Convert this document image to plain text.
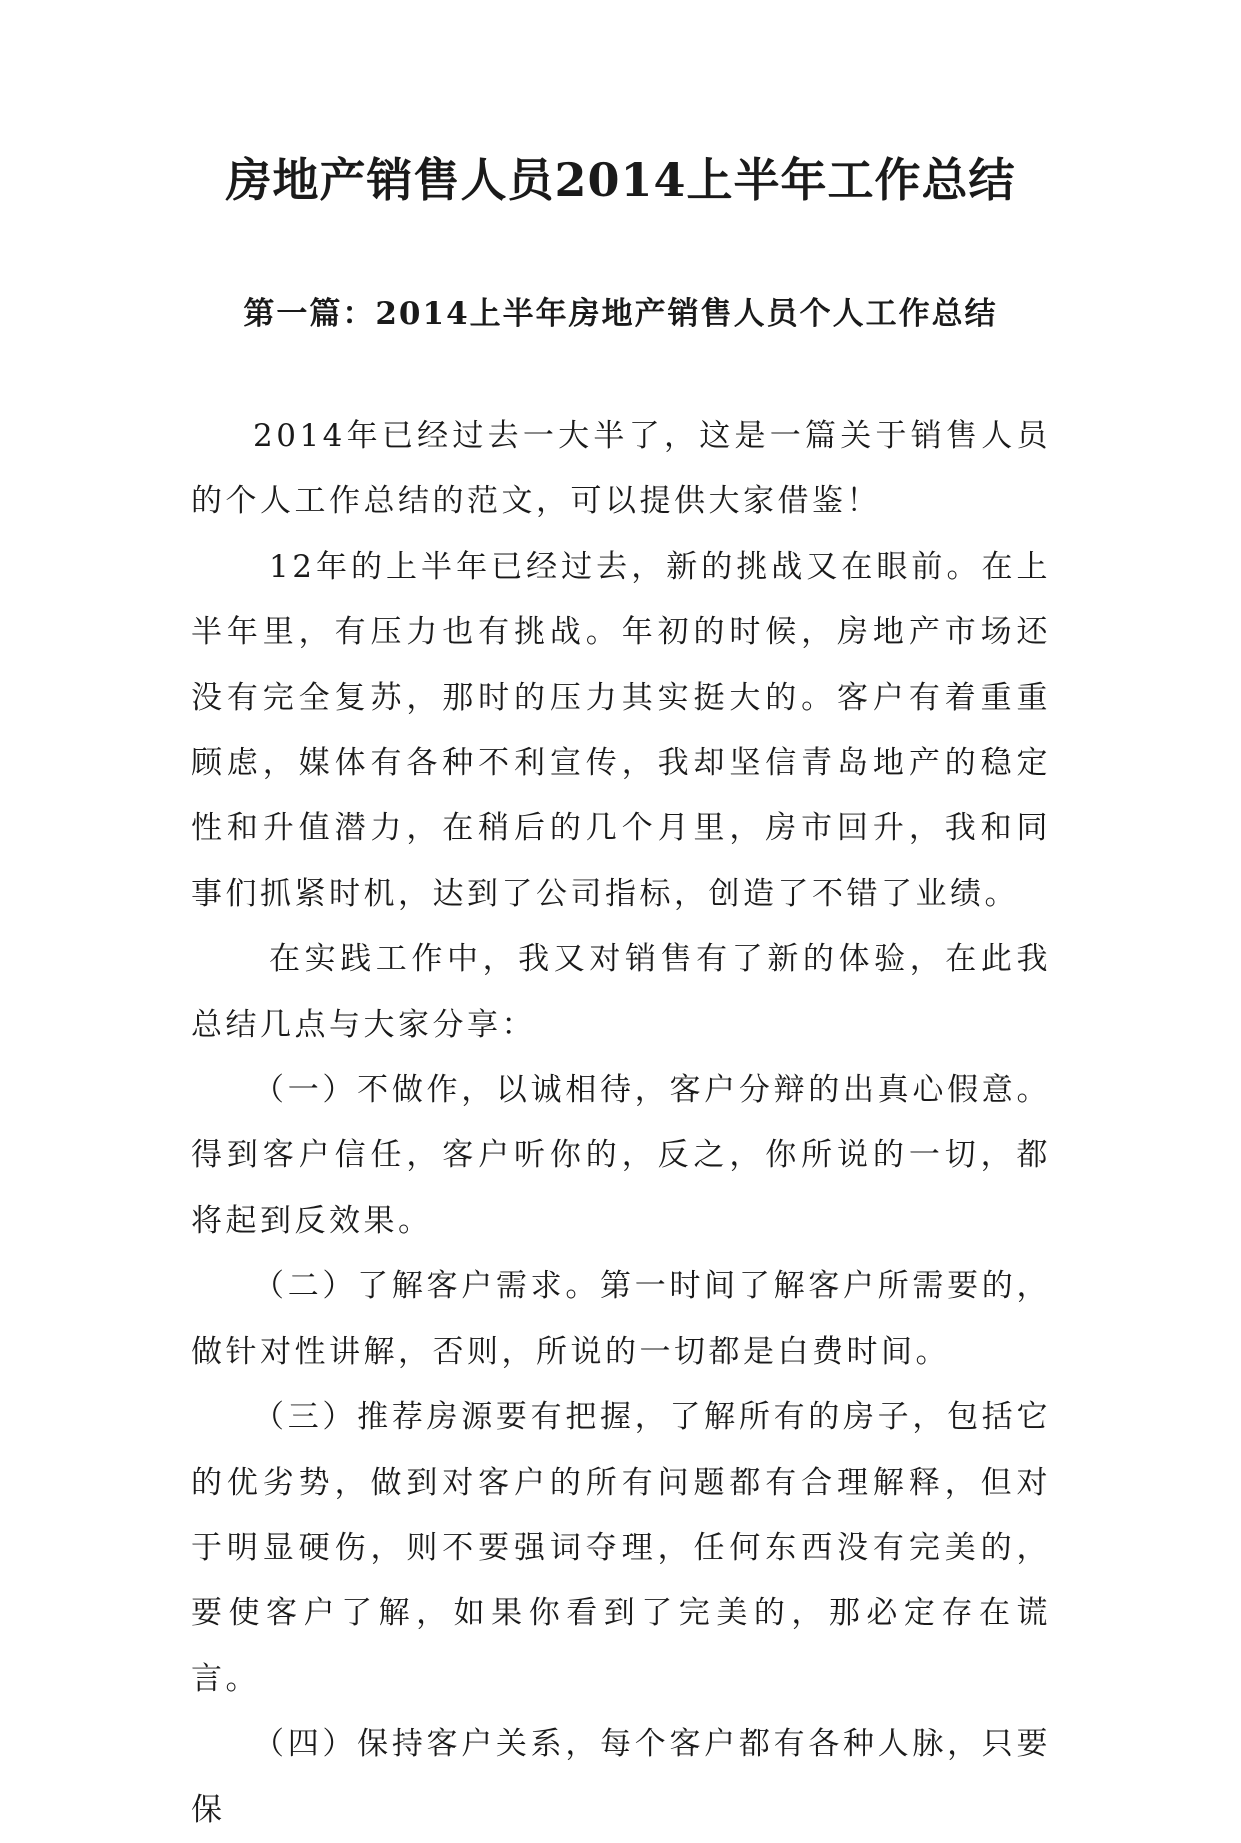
房地产销售人员2014上半年工作总结
第一篇：2014上半年房地产销售人员个人工作总结

2014年已经过去一大半了，这是一篇关于销售人员的个人工作总结的范文，可以提供大家借鉴！

12年的上半年已经过去，新的挑战又在眼前。在上半年里，有压力也有挑战。年初的时候，房地产市场还没有完全复苏，那时的压力其实挺大的。客户有着重重顾虑，媒体有各种不利宣传，我却坚信青岛地产的稳定性和升值潜力，在稍后的几个月里，房市回升，我和同事们抓紧时机，达到了公司指标，创造了不错了业绩。

在实践工作中，我又对销售有了新的体验，在此我总结几点与大家分享：

（一）不做作，以诚相待，客户分辩的出真心假意。得到客户信任，客户听你的，反之，你所说的一切，都将起到反效果。

（二）了解客户需求。第一时间了解客户所需要的，做针对性讲解，否则，所说的一切都是白费时间。

（三）推荐房源要有把握，了解所有的房子，包括它的优劣势，做到对客户的所有问题都有合理解释，但对于明显硬伤，则不要强词夺理，任何东西没有完美的，要使客户了解，如果你看到了完美的，那必定存在谎言。

（四）保持客户关系，每个客户都有各种人脉，只要保
